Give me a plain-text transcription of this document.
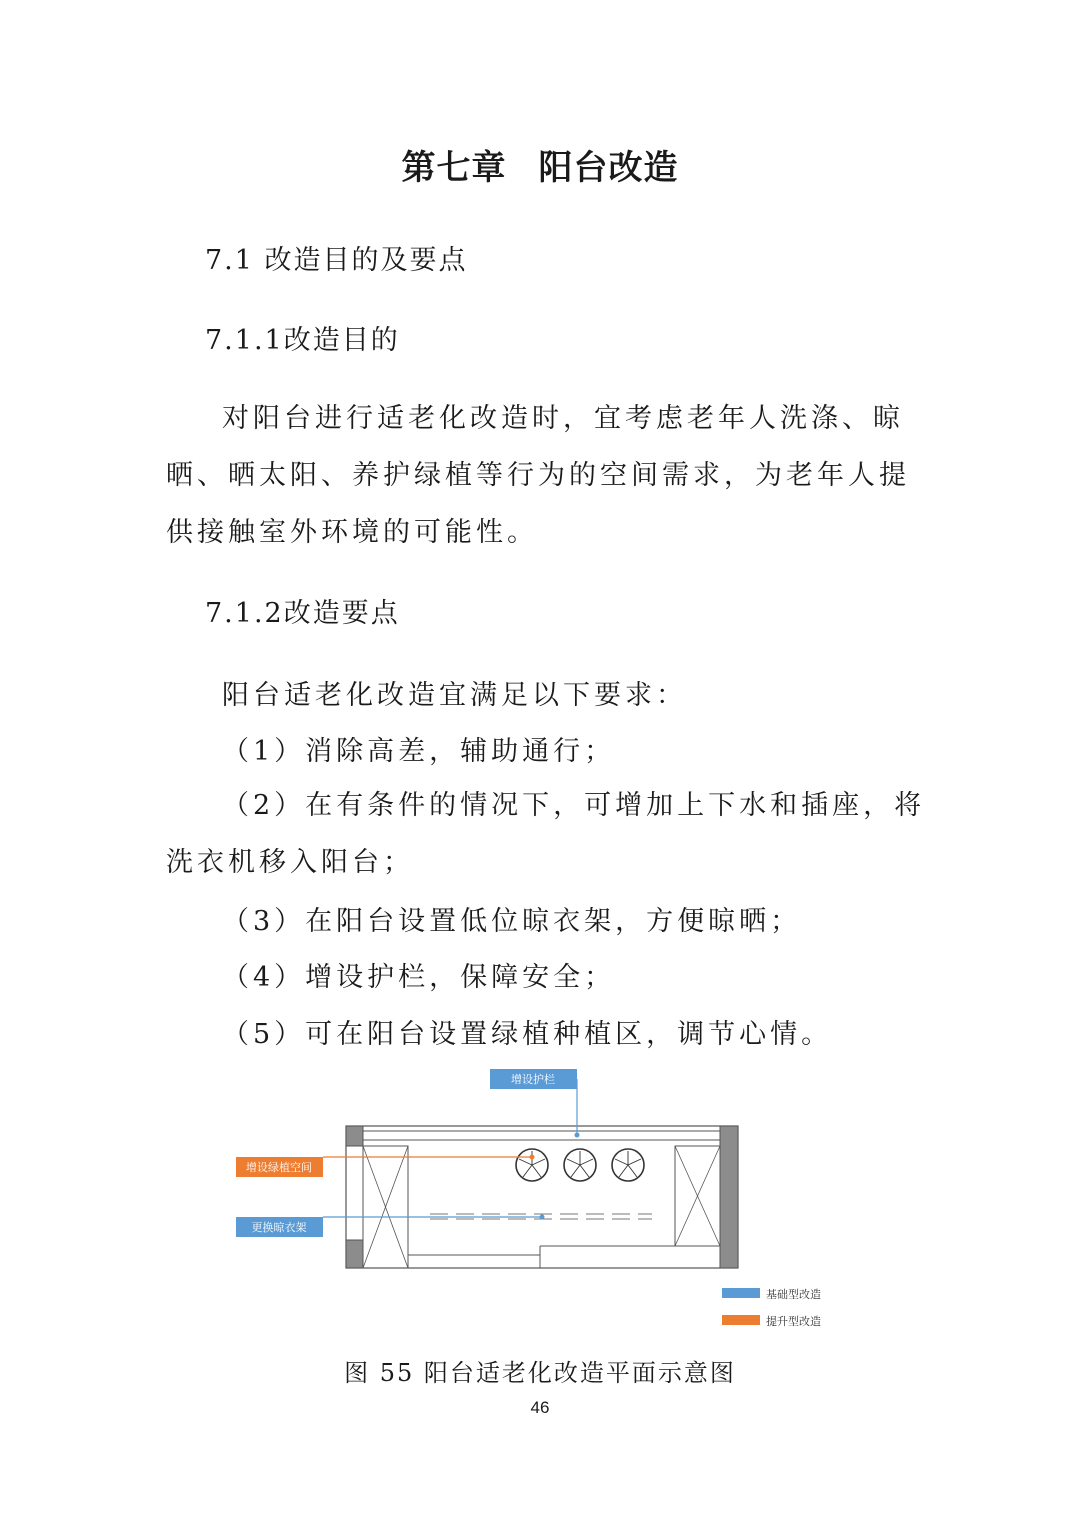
第七章 阳台改造
7.1 改造目的及要点
7.1.1改造目的
对阳台进行适老化改造时，宜考虑老年人洗涤、晾晒、晒太阳、养护绿植等行为的空间需求，为老年人提供接触室外环境的可能性。
7.1.2改造要点
阳台适老化改造宜满足以下要求：
（1）消除高差，辅助通行；
（2）在有条件的情况下，可增加上下水和插座，将洗衣机移入阳台；
（3）在阳台设置低位晾衣架，方便晾晒；
（4）增设护栏，保障安全；
（5）可在阳台设置绿植种植区，调节心情。
增设护栏
增设绿植空间
更换晾衣架
基础型改造
提升型改造
图 55 阳台适老化改造平面示意图
46
